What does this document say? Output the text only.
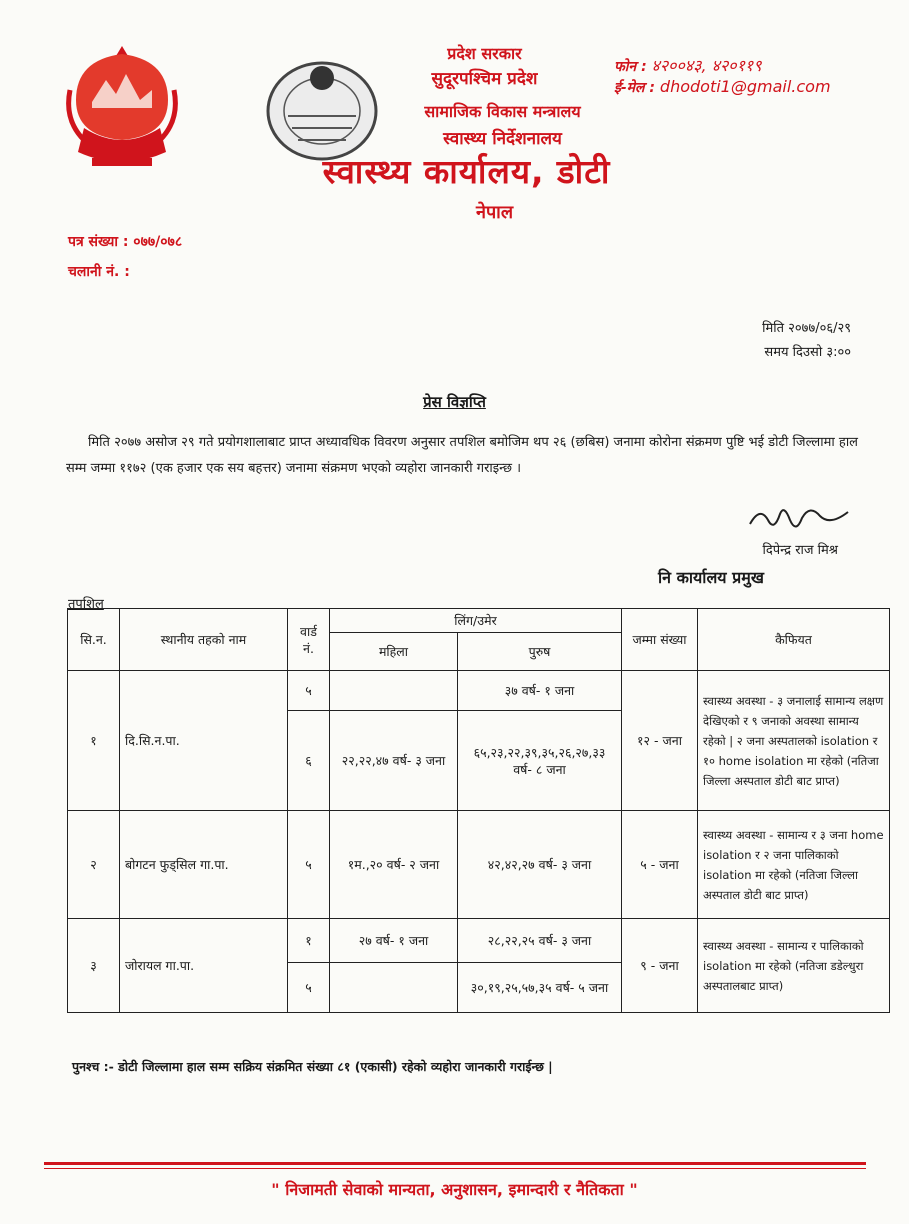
प्रदेश सरकार
सुदूरपश्चिम प्रदेश
सामाजिक विकास मन्त्रालय
स्वास्थ्य निर्देशनालय
स्वास्थ्य कार्यालय, डोटी
नेपाल
फोन : ४२००४३, ४२०११९
ई-मेल : dhodoti1@gmail.com
पत्र संख्या : ०७७/०७८
चलानी नं. :
मिति २०७७/०६/२९
समय दिउसो ३:००
प्रेस विज्ञप्ति
मिति २०७७ असोज २९ गते प्रयोगशालाबाट प्राप्त अध्यावधिक विवरण अनुसार तपशिल बमोजिम थप २६ (छबिस) जनामा कोरोना संक्रमण पुष्टि भई डोटी जिल्लामा हाल सम्म जम्मा ११७२ (एक हजार एक सय बहत्तर) जनामा संक्रमण भएको व्यहोरा जानकारी गराइन्छ ।
दिपेन्द्र राज मिश्र
नि कार्यालय प्रमुख
तपशिल
सि.न.	स्थानीय तहको नाम	वार्ड नं.	लिंग/उमेर		जम्मा संख्या	कैफियत
			महिला	पुरुष		
१	दि.सि.न.पा.	५		३७ वर्ष- १ जना	१२ - जना	स्वास्थ्य अवस्था - ३ जनालाई सामान्य लक्षण देखिएको र ९ जनाको अवस्था सामान्य रहेको | २ जना अस्पतालको isolation र १० home isolation मा रहेको (नतिजा जिल्ला अस्पताल डोटी बाट प्राप्त)
		६	२२,२२,४७ वर्ष- ३ जना	६५,२३,२२,३९,३५,२६,२७,३३ वर्ष- ८ जना		
२	बोगटन फुड्सिल गा.पा.	५	१म.,२० वर्ष- २ जना	४२,४२,२७ वर्ष- ३ जना	५ - जना	स्वास्थ्य अवस्था - सामान्य र ३ जना home isolation र २ जना पालिकाको isolation मा रहेको (नतिजा जिल्ला अस्पताल डोटी बाट प्राप्त)
३	जोरायल गा.पा.	१	२७ वर्ष- १ जना	२८,२२,२५ वर्ष- ३ जना	९ - जना	स्वास्थ्य अवस्था - सामान्य र पालिकाको isolation मा रहेको (नतिजा डडेल्धुरा अस्पतालबाट प्राप्त)
		५		३०,१९,२५,५७,३५ वर्ष- ५ जना		
पुनश्च :- डोटी जिल्लामा हाल सम्म सक्रिय संक्रमित संख्या ८१ (एकासी) रहेको व्यहोरा जानकारी गराईन्छ |
" निजामती सेवाको मान्यता, अनुशासन, इमान्दारी र नैतिकता "
